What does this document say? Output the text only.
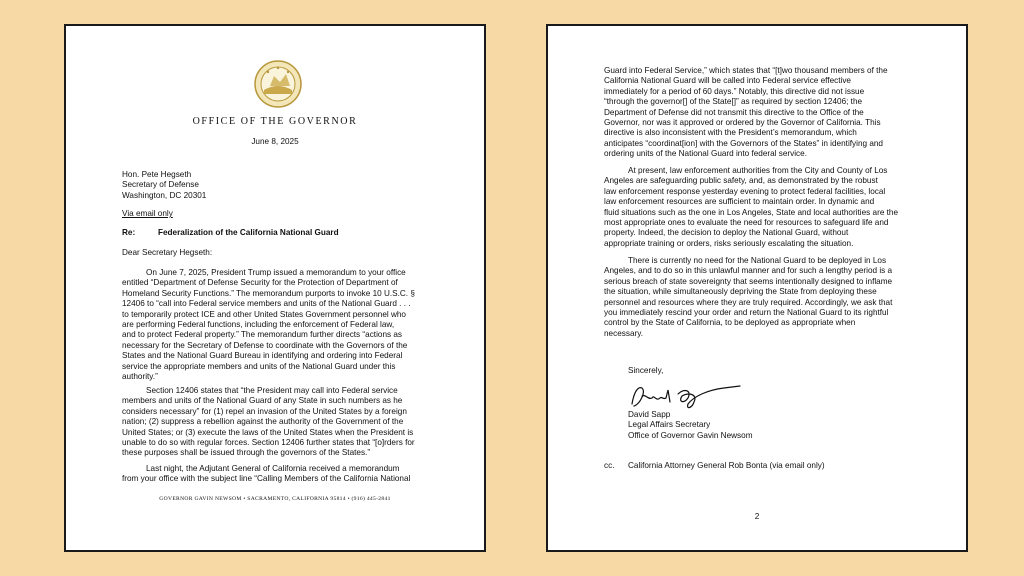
OFFICE OF THE GOVERNOR
June 8, 2025
Hon. Pete Hegseth
Secretary of Defense
Washington, DC 20301
Via email only
Re:	Federalization of the California National Guard
Dear Secretary Hegseth:
On June 7, 2025, President Trump issued a memorandum to your office
entitled “Department of Defense Security for the Protection of Department of
Homeland Security Functions.” The memorandum purports to invoke 10 U.S.C. §
12406 to “call into Federal service members and units of the National Guard . . .
to temporarily protect ICE and other United States Government personnel who
are performing Federal functions, including the enforcement of Federal law,
and to protect Federal property.” The memorandum further directs “actions as
necessary for the Secretary of Defense to coordinate with the Governors of the
States and the National Guard Bureau in identifying and ordering into Federal
service the appropriate members and units of the National Guard under this
authority.”
Section 12406 states that “the President may call into Federal service
members and units of the National Guard of any State in such numbers as he
considers necessary” for (1) repel an invasion of the United States by a foreign
nation; (2) suppress a rebellion against the authority of the Government of the
United States; or (3) execute the laws of the United States when the President is
unable to do so with regular forces. Section 12406 further states that “[o]rders for
these purposes shall be issued through the governors of the States.”
Last night, the Adjutant General of California received a memorandum
from your office with the subject line “Calling Members of the California National
GOVERNOR GAVIN NEWSOM • SACRAMENTO, CALIFORNIA 95814 • (916) 445-2841
Guard into Federal Service,” which states that “[t]wo thousand members of the
California National Guard will be called into Federal service effective
immediately for a period of 60 days.” Notably, this directive did not issue
“through the governor[] of the State[]” as required by section 12406; the
Department of Defense did not transmit this directive to the Office of the
Governor, nor was it approved or ordered by the Governor of California. This
directive is also inconsistent with the President’s memorandum, which
anticipates “coordinat[ion] with the Governors of the States” in identifying and
ordering units of the National Guard into federal service.
At present, law enforcement authorities from the City and County of Los
Angeles are safeguarding public safety, and, as demonstrated by the robust
law enforcement response yesterday evening to protect federal facilities, local
law enforcement resources are sufficient to maintain order. In dynamic and
fluid situations such as the one in Los Angeles, State and local authorities are the
most appropriate ones to evaluate the need for resources to safeguard life and
property. Indeed, the decision to deploy the National Guard, without
appropriate training or orders, risks seriously escalating the situation.
There is currently no need for the National Guard to be deployed in Los
Angeles, and to do so in this unlawful manner and for such a lengthy period is a
serious breach of state sovereignty that seems intentionally designed to inflame
the situation, while simultaneously depriving the State from deploying these
personnel and resources where they are truly required. Accordingly, we ask that
you immediately rescind your order and return the National Guard to its rightful
control by the State of California, to be deployed as appropriate when
necessary.
Sincerely,
David Sapp
Legal Affairs Secretary
Office of Governor Gavin Newsom
cc. California Attorney General Rob Bonta (via email only)
2
